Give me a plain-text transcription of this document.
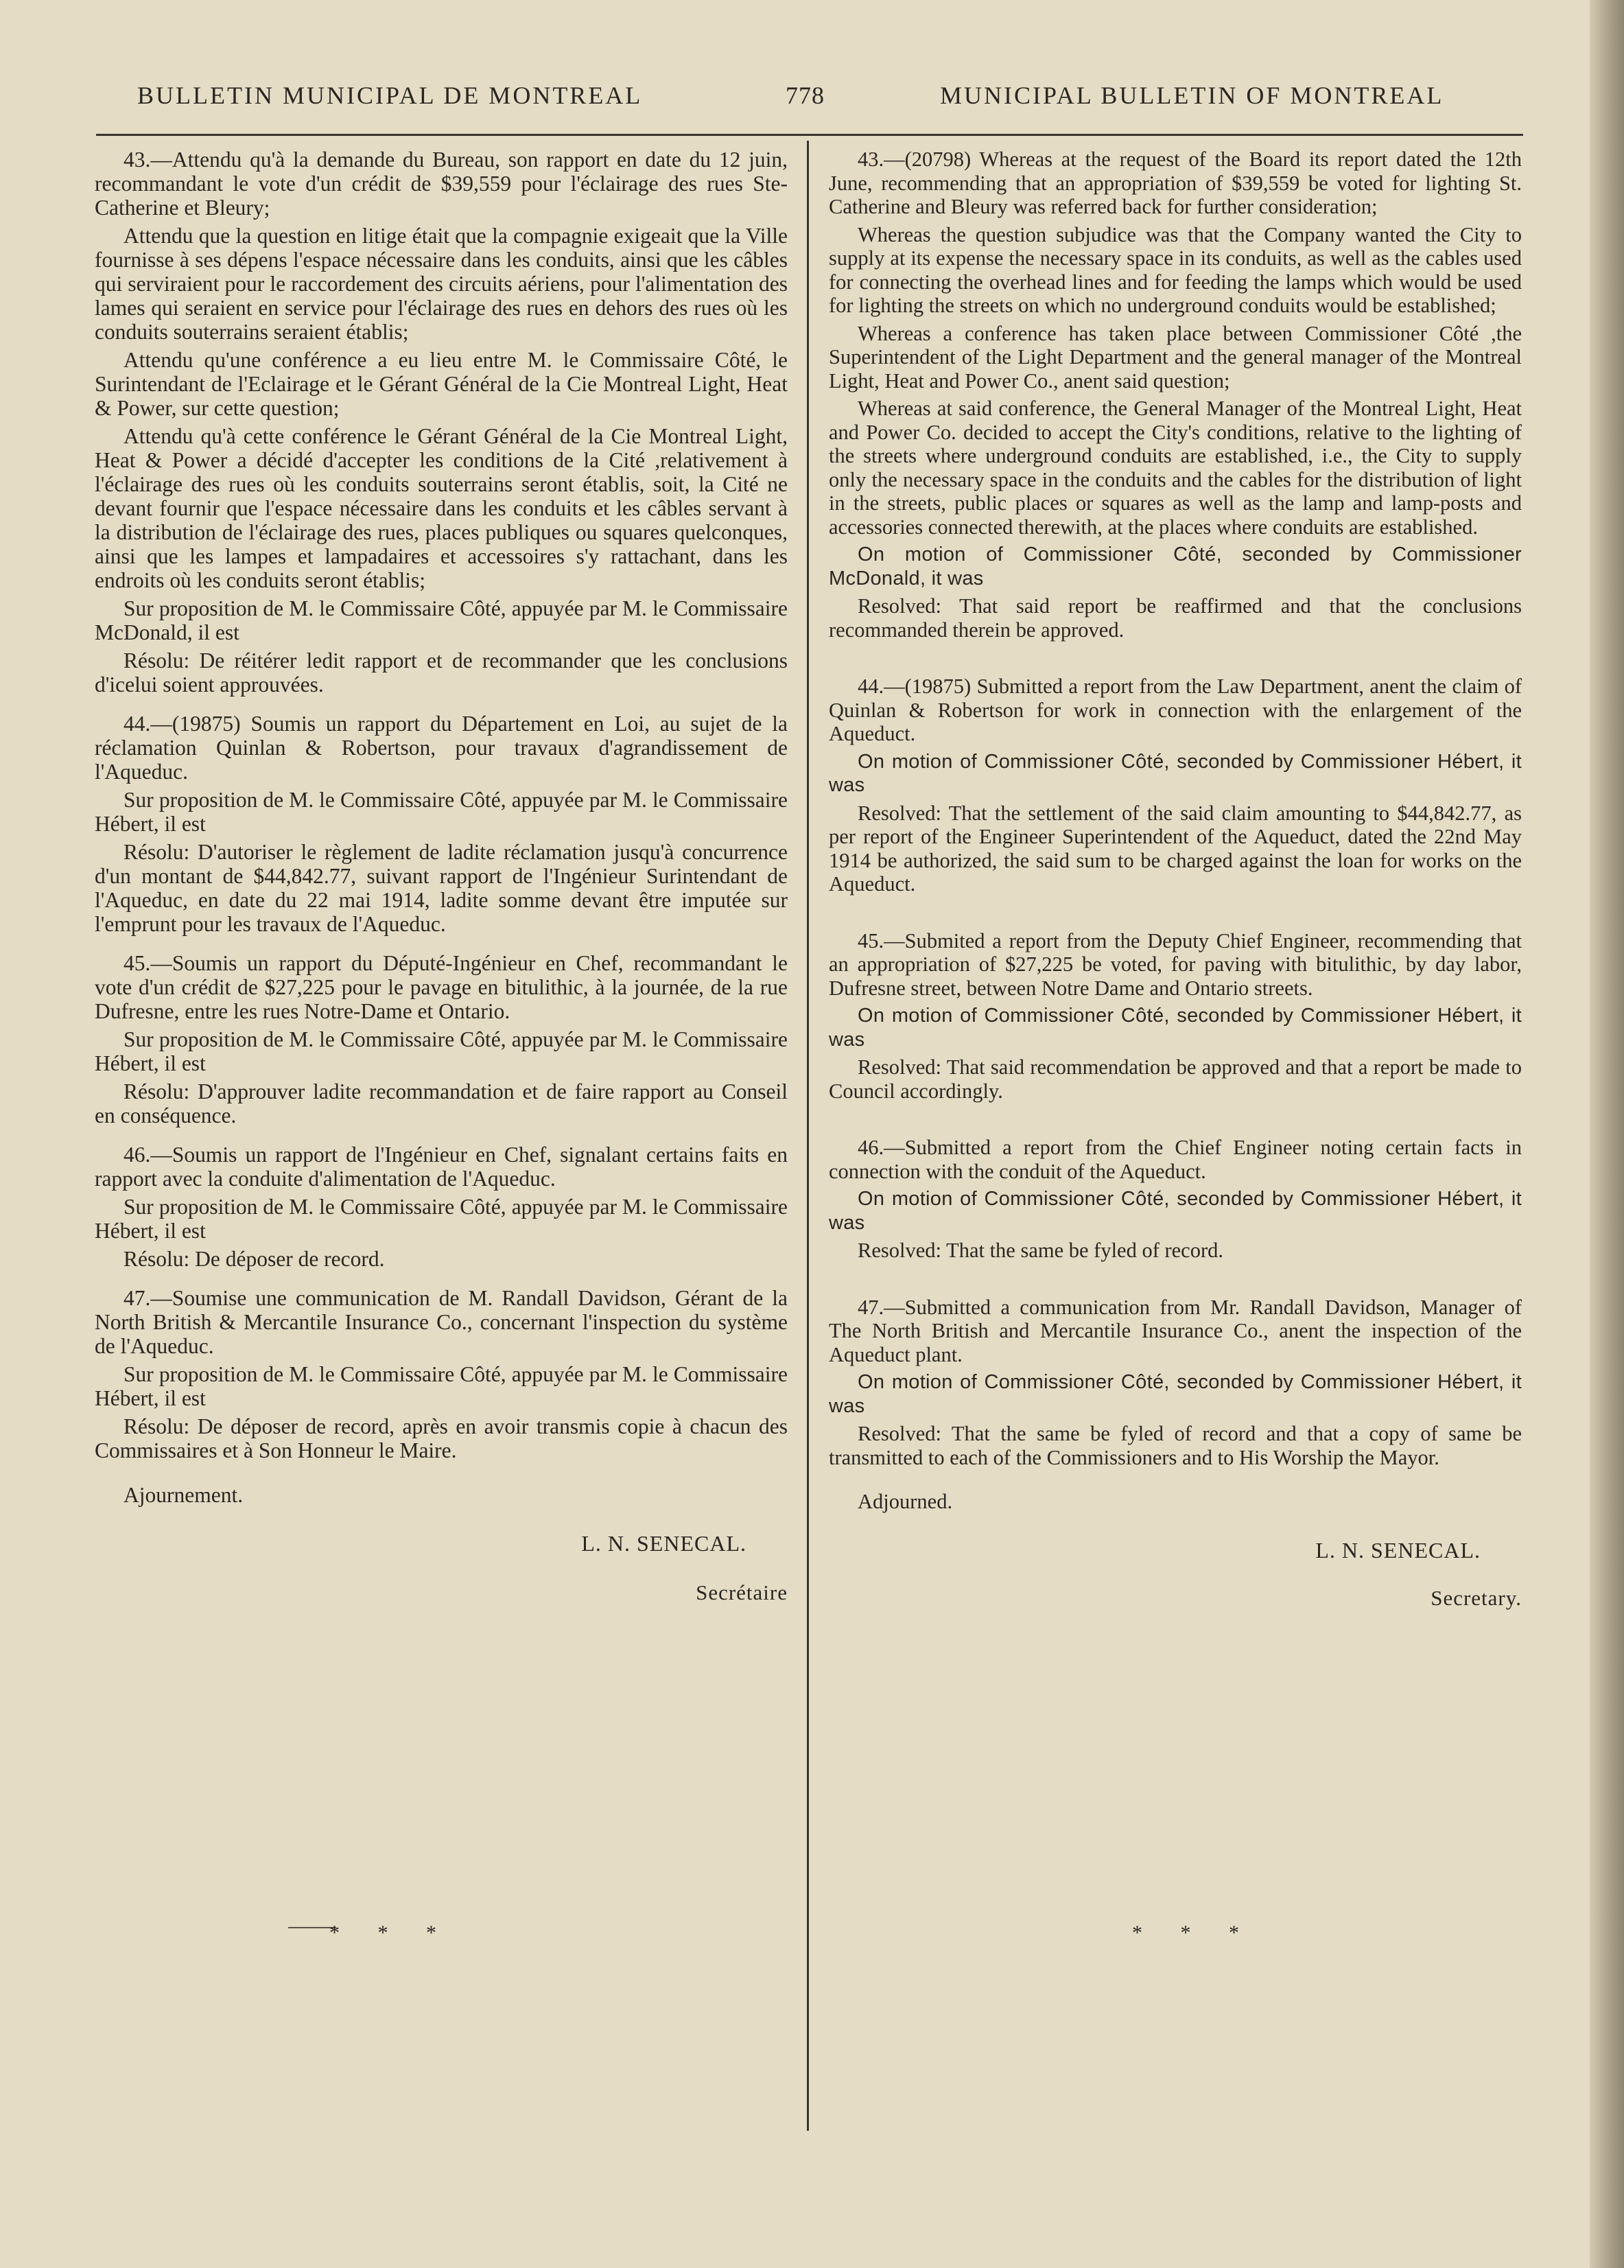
BULLETIN MUNICIPAL DE MONTREAL	778	MUNICIPAL BULLETIN OF MONTREAL

43.—Attendu qu'à la demande du Bureau, son rapport en date du 12 juin, recommandant le vote d'un crédit de $39,559 pour l'éclairage des rues Ste-Catherine et Bleury;

Attendu que la question en litige était que la compagnie exigeait que la Ville fournisse à ses dépens l'espace nécessaire dans les conduits, ainsi que les câbles qui serviraient pour le raccordement des circuits aériens, pour l'alimentation des lames qui seraient en service pour l'éclairage des rues en dehors des rues où les conduits souterrains seraient établis;

Attendu qu'une conférence a eu lieu entre M. le Commissaire Côté, le Surintendant de l'Eclairage et le Gérant Général de la Cie Montreal Light, Heat & Power, sur cette question;

Attendu qu'à cette conférence le Gérant Général de la Cie Montreal Light, Heat & Power a décidé d'accepter les conditions de la Cité ,relativement à l'éclairage des rues où les conduits souterrains seront établis, soit, la Cité ne devant fournir que l'espace nécessaire dans les conduits et les câbles servant à la distribution de l'éclairage des rues, places publiques ou squares quelconques, ainsi que les lampes et lampadaires et accessoires s'y rattachant, dans les endroits où les conduits seront établis;

Sur proposition de M. le Commissaire Côté, appuyée par M. le Commissaire McDonald, il est

Résolu: De réitérer ledit rapport et de recommander que les conclusions d'icelui soient approuvées.

44.—(19875) Soumis un rapport du Département en Loi, au sujet de la réclamation Quinlan & Robertson, pour travaux d'agrandissement de l'Aqueduc.

Sur proposition de M. le Commissaire Côté, appuyée par M. le Commissaire Hébert, il est

Résolu: D'autoriser le règlement de ladite réclamation jusqu'à concurrence d'un montant de $44,842.77, suivant rapport de l'Ingénieur Surintendant de l'Aqueduc, en date du 22 mai 1914, ladite somme devant être imputée sur l'emprunt pour les travaux de l'Aqueduc.

45.—Soumis un rapport du Député-Ingénieur en Chef, recommandant le vote d'un crédit de $27,225 pour le pavage en bitulithic, à la journée, de la rue Dufresne, entre les rues Notre-Dame et Ontario.

Sur proposition de M. le Commissaire Côté, appuyée par M. le Commissaire Hébert, il est

Résolu: D'approuver ladite recommandation et de faire rapport au Conseil en conséquence.

46.—Soumis un rapport de l'Ingénieur en Chef, signalant certains faits en rapport avec la conduite d'alimentation de l'Aqueduc.

Sur proposition de M. le Commissaire Côté, appuyée par M. le Commissaire Hébert, il est

Résolu: De déposer de record.

47.—Soumise une communication de M. Randall Davidson, Gérant de la North British & Mercantile Insurance Co., concernant l'inspection du système de l'Aqueduc.

Sur proposition de M. le Commissaire Côté, appuyée par M. le Commissaire Hébert, il est

Résolu: De déposer de record, après en avoir transmis copie à chacun des Commissaires et à Son Honneur le Maire.

Ajournement.

L. N. SENECAL.
Secrétaire

43.—(20798) Whereas at the request of the Board its report dated the 12th June, recommending that an appropriation of $39,559 be voted for lighting St. Catherine and Bleury was referred back for further consideration;

Whereas the question subjudice was that the Company wanted the City to supply at its expense the necessary space in its conduits, as well as the cables used for connecting the overhead lines and for feeding the lamps which would be used for lighting the streets on which no underground conduits would be established;

Whereas a conference has taken place between Commissioner Côté ,the Superintendent of the Light Department and the general manager of the Montreal Light, Heat and Power Co., anent said question;

Whereas at said conference, the General Manager of the Montreal Light, Heat and Power Co. decided to accept the City's conditions, relative to the lighting of the streets where underground conduits are established, i.e., the City to supply only the necessary space in the conduits and the cables for the distribution of light in the streets, public places or squares as well as the lamp and lamp-posts and accessories connected therewith, at the places where conduits are established.

On motion of Commissioner Côté, seconded by Commissioner McDonald, it was

Resolved: That said report be reaffirmed and that the conclusions recommanded therein be approved.

44.—(19875) Submitted a report from the Law Department, anent the claim of Quinlan & Robertson for work in connection with the enlargement of the Aqueduct.

On motion of Commissioner Côté, seconded by Commissioner Hébert, it was

Resolved: That the settlement of the said claim amounting to $44,842.77, as per report of the Engineer Superintendent of the Aqueduct, dated the 22nd May 1914 be authorized, the said sum to be charged against the loan for works on the Aqueduct.

45.—Submited a report from the Deputy Chief Engineer, recommending that an appropriation of $27,225 be voted, for paving with bitulithic, by day labor, Dufresne street, between Notre Dame and Ontario streets.

On motion of Commissioner Côté, seconded by Commissioner Hébert, it was

Resolved: That said recommendation be approved and that a report be made to Council accordingly.

46.—Submitted a report from the Chief Engineer noting certain facts in connection with the conduit of the Aqueduct.

On motion of Commissioner Côté, seconded by Commissioner Hébert, it was

Resolved: That the same be fyled of record.

47.—Submitted a communication from Mr. Randall Davidson, Manager of The North British and Mercantile Insurance Co., anent the inspection of the Aqueduct plant.

On motion of Commissioner Côté, seconded by Commissioner Hébert, it was

Resolved: That the same be fyled of record and that a copy of same be transmitted to each of the Commissioners and to His Worship the Mayor.

Adjourned.

L. N. SENECAL.
Secretary.
* * *	* * *
